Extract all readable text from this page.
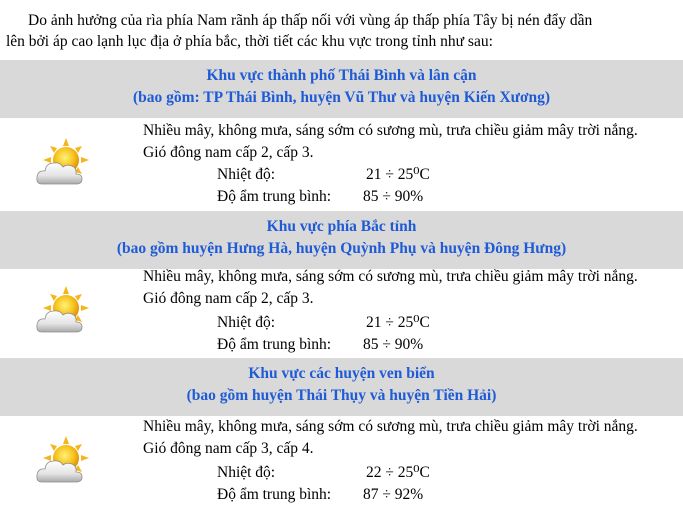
Do ảnh hưởng của rìa phía Nam rãnh áp thấp nối với vùng áp thấp phía Tây bị nén đẩy dần

lên bởi áp cao lạnh lục địa ở phía bắc, thời tiết các khu vực trong tỉnh như sau:

Khu vực thành phố Thái Bình và lân cận
(bao gồm: TP Thái Bình, huyện Vũ Thư và huyện Kiến Xương)
Nhiều mây, không mưa, sáng sớm có sương mù, trưa chiều giảm mây trời nắng.
Gió đông nam cấp 2, cấp 3.
Nhiệt độ:	21 ÷ 25⁰C
Độ ẩm trung bình: 85 ÷ 90%
Khu vực phía Bắc tỉnh
(bao gồm huyện Hưng Hà, huyện Quỳnh Phụ và huyện Đông Hưng)
Nhiều mây, không mưa, sáng sớm có sương mù, trưa chiều giảm mây trời nắng.
Gió đông nam cấp 2, cấp 3.
Nhiệt độ:	21 ÷ 25⁰C
Độ ẩm trung bình: 85 ÷ 90%
Khu vực các huyện ven biển
(bao gồm huyện Thái Thụy và huyện Tiền Hải)
Nhiều mây, không mưa, sáng sớm có sương mù, trưa chiều giảm mây trời nắng.
Gió đông nam cấp 3, cấp 4.
Nhiệt độ:	22 ÷ 25⁰C
Độ ẩm trung bình: 87 ÷ 92%
